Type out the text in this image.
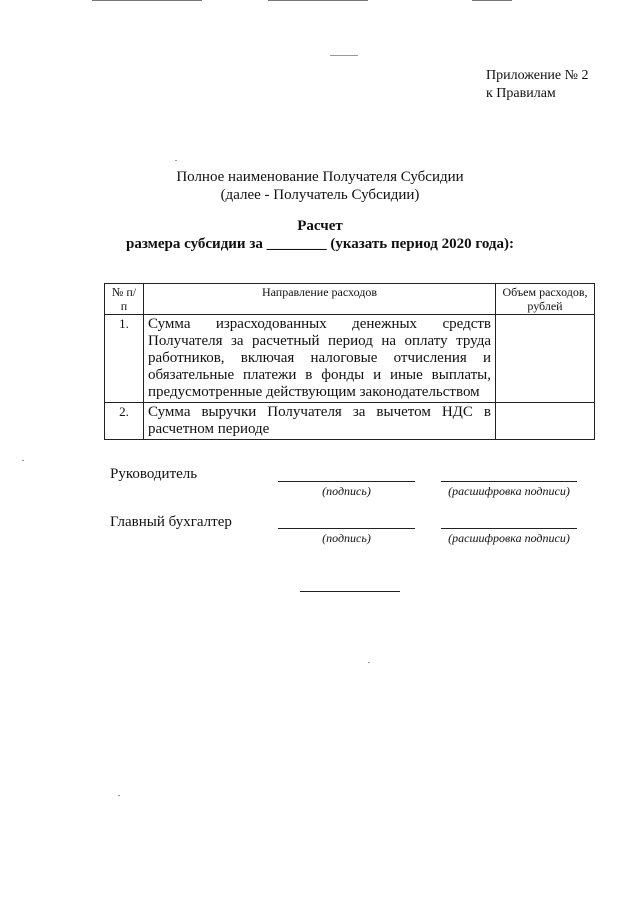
Приложение № 2
к Правилам
Полное наименование Получателя Субсидии
(далее - Получатель Субсидии)
Расчет
размера субсидии за ________ (указать период 2020 года):
№ п/п	Направление расходов	Объем расходов, рублей
1.	Сумма израсходованных денежных средств Получателя за расчетный период на оплату труда работников, включая налоговые отчисления и обязательные платежи в фонды и иные выплаты, предусмотренные действующим законодательством	
2.	Сумма выручки Получателя за вычетом НДС в расчетном периоде	
Руководитель
(подпись)	(расшифровка подписи)
Главный бухгалтер
(подпись)	(расшифровка подписи)
